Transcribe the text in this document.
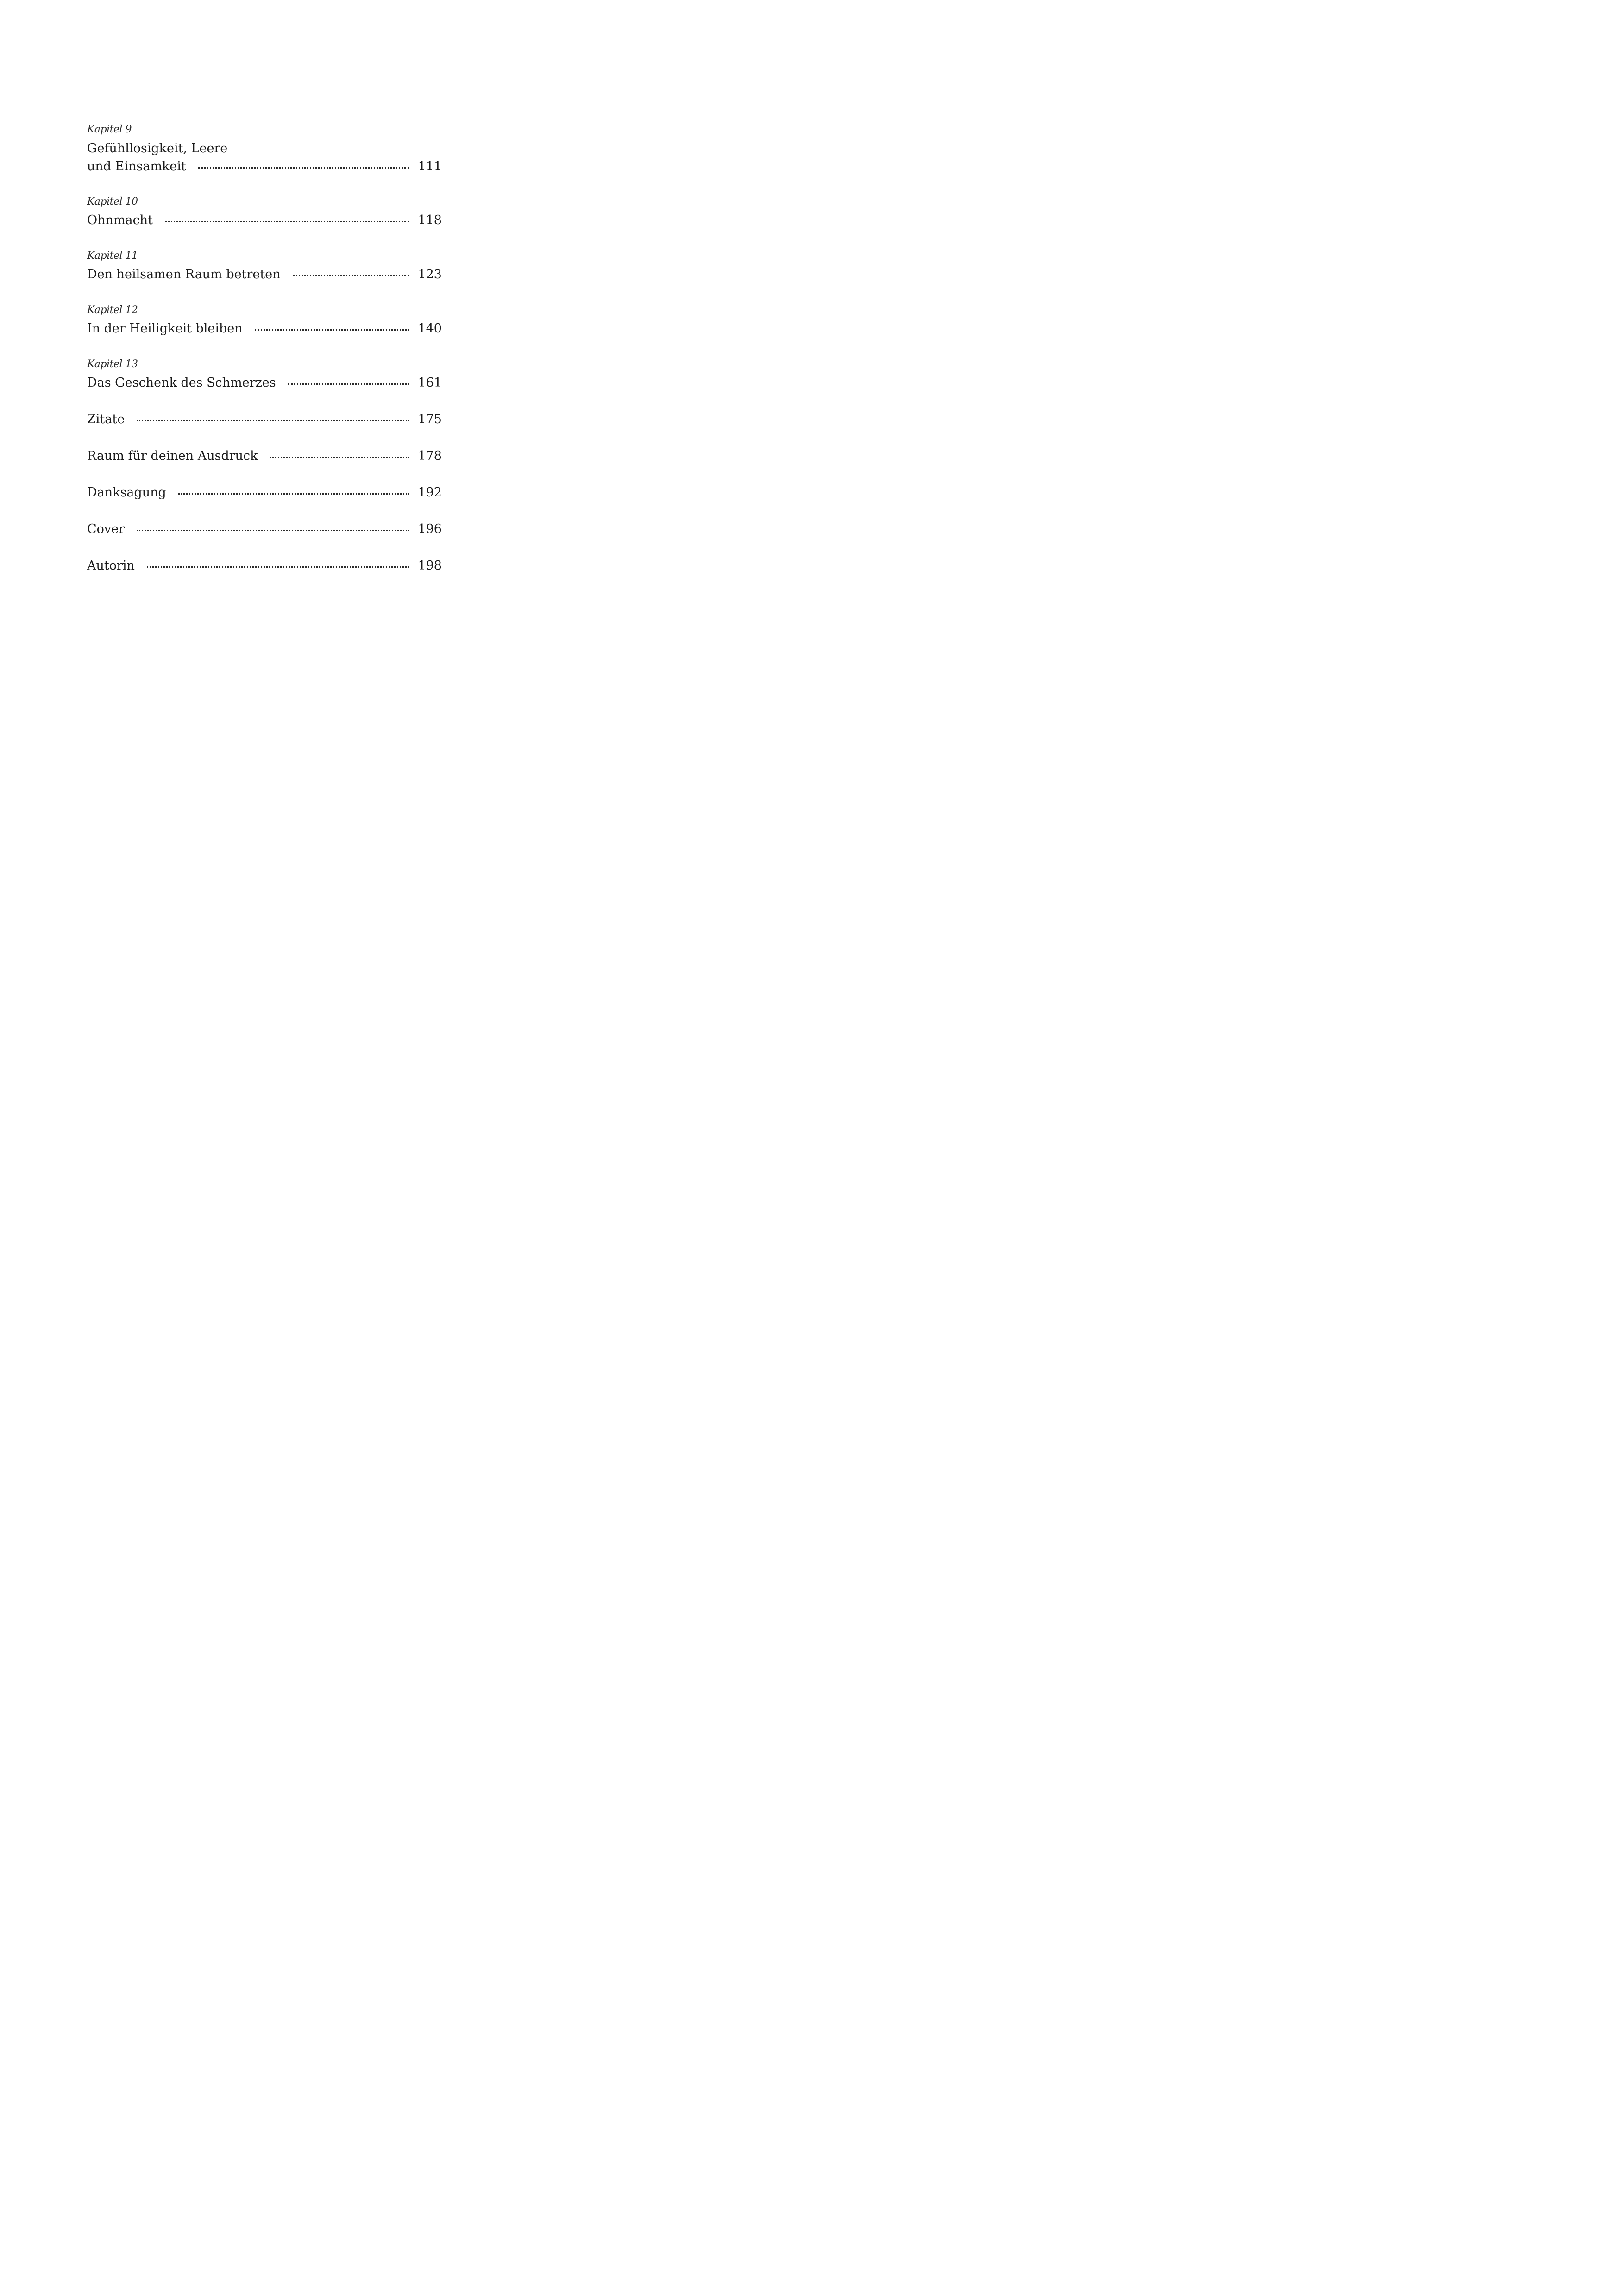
Kapitel 9
Gefühllosigkeit, Leere
und Einsamkeit	111
Kapitel 10
Ohnmacht	118
Kapitel 11
Den heilsamen Raum betreten	123
Kapitel 12
In der Heiligkeit bleiben	140
Kapitel 13
Das Geschenk des Schmerzes	161
Zitate	175
Raum für deinen Ausdruck	178
Danksagung	192
Cover	196
Autorin	198
